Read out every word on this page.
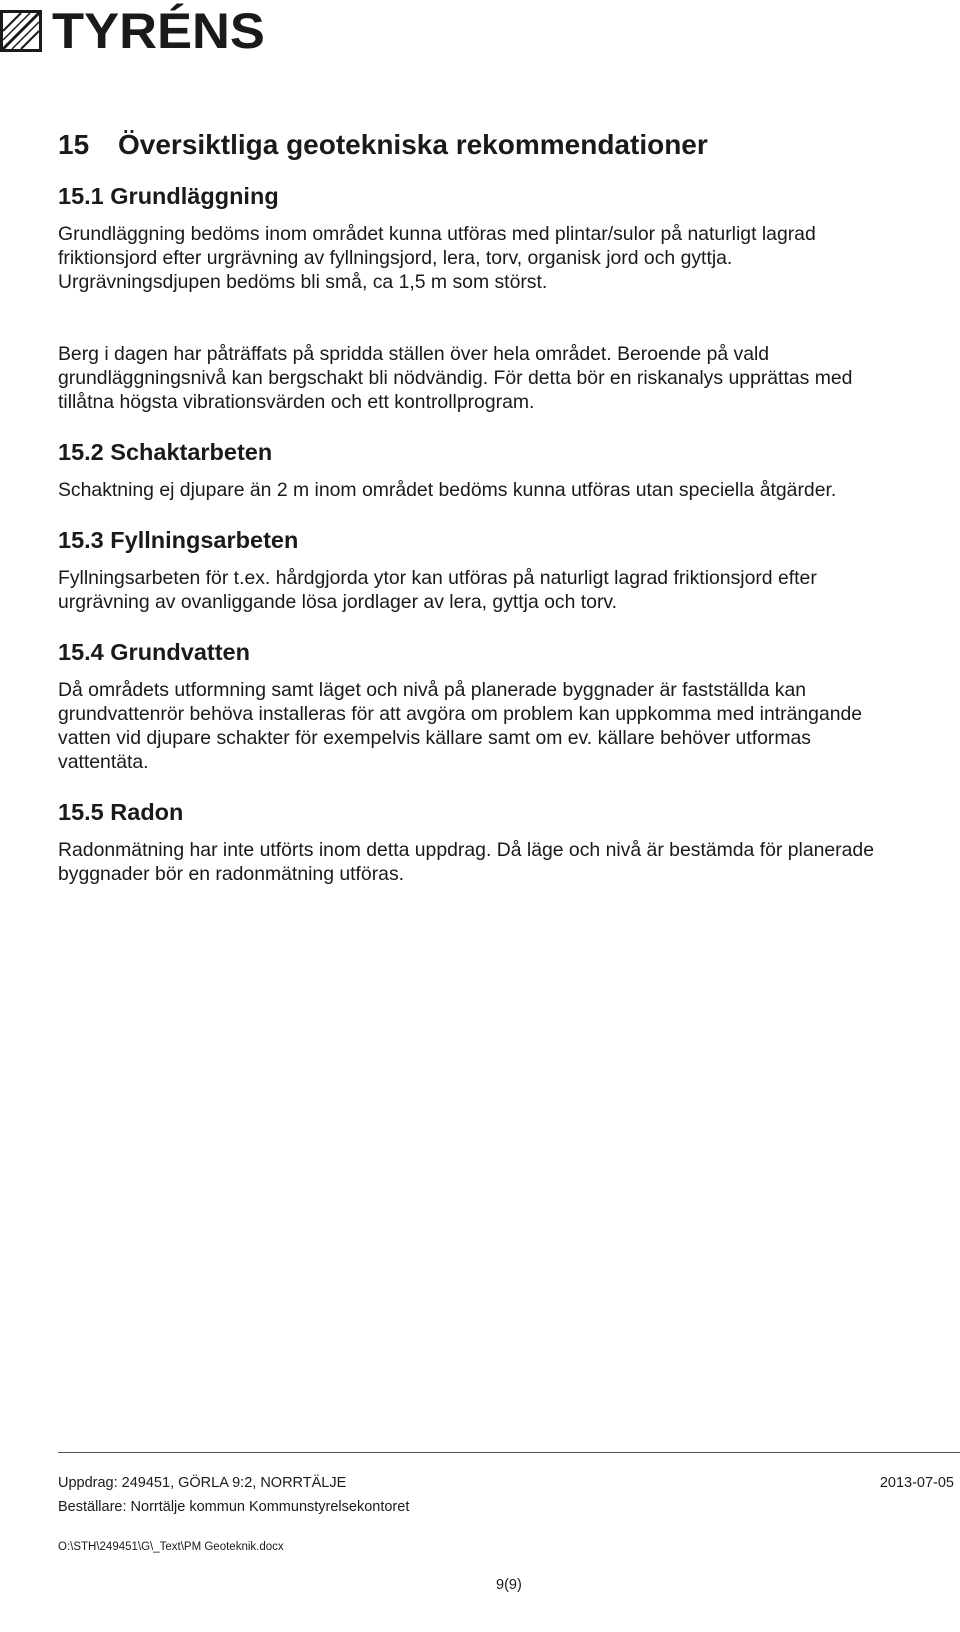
TYRÉNS
15 Översiktliga geotekniska rekommendationer
15.1 Grundläggning

Grundläggning bedöms inom området kunna utföras med plintar/sulor på naturligt lagrad
friktionsjord efter urgrävning av fyllningsjord, lera, torv, organisk jord och gyttja.
Urgrävningsdjupen bedöms bli små, ca 1,5 m som störst.

Berg i dagen har påträffats på spridda ställen över hela området. Beroende på vald
grundläggningsnivå kan bergschakt bli nödvändig. För detta bör en riskanalys upprättas med
tillåtna högsta vibrationsvärden och ett kontrollprogram.

15.2 Schaktarbeten

Schaktning ej djupare än 2 m inom området bedöms kunna utföras utan speciella åtgärder.

15.3 Fyllningsarbeten

Fyllningsarbeten för t.ex. hårdgjorda ytor kan utföras på naturligt lagrad friktionsjord efter
urgrävning av ovanliggande lösa jordlager av lera, gyttja och torv.

15.4 Grundvatten

Då områdets utformning samt läget och nivå på planerade byggnader är fastställda kan
grundvattenrör behöva installeras för att avgöra om problem kan uppkomma med inträngande
vatten vid djupare schakter för exempelvis källare samt om ev. källare behöver utformas
vattentäta.

15.5 Radon

Radonmätning har inte utförts inom detta uppdrag. Då läge och nivå är bestämda för planerade
byggnader bör en radonmätning utföras.

Uppdrag: 249451, GÖRLA 9:2, NORRTÄLJE	2013-07-05
Beställare: Norrtälje kommun Kommunstyrelsekontoret
O:\STH\249451\G\_Text\PM Geoteknik.docx
9(9)
